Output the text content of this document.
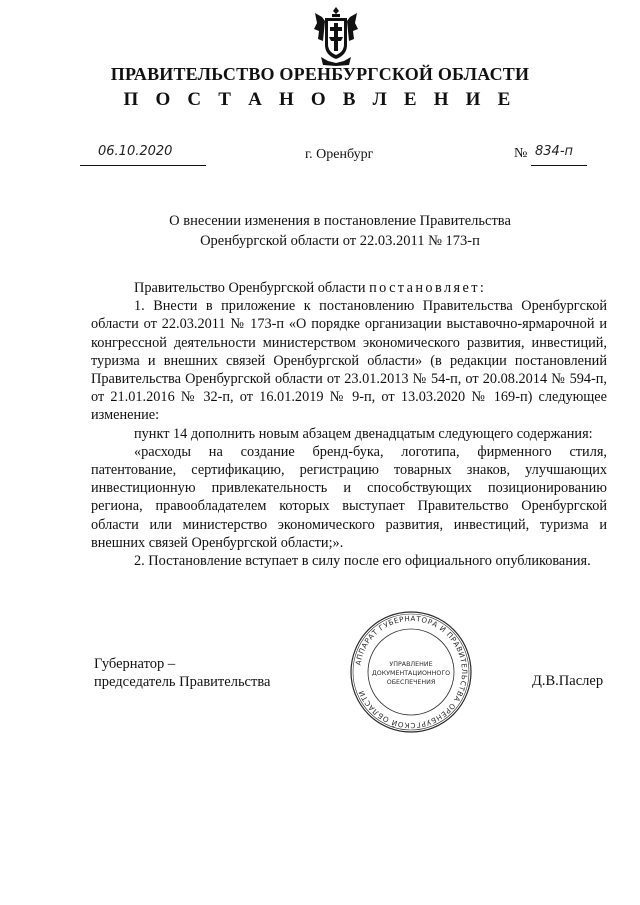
ПРАВИТЕЛЬСТВО ОРЕНБУРГСКОЙ ОБЛАСТИ
П О С Т А Н О В Л Е Н И Е
06.10.2020	г. Оренбург	№ 834-п
О внесении изменения в постановление Правительства
Оренбургской области от 22.03.2011 № 173-п

Правительство Оренбургской области постановляет:

1. Внести в приложение к постановлению Правительства Оренбургской области от 22.03.2011 № 173-п «О порядке организации выставочно-ярмарочной и конгрессной деятельности министерством экономического развития, инвестиций, туризма и внешних связей Оренбургской области» (в редакции постановлений Правительства Оренбургской области от 23.01.2013 № 54-п, от 20.08.2014 № 594-п, от 21.01.2016 № 32-п, от 16.01.2019 № 9-п, от 13.03.2020 № 169-п) следующее изменение:

пункт 14 дополнить новым абзацем двенадцатым следующего содержания:

«расходы на создание бренд-бука, логотипа, фирменного стиля, патентование, сертификацию, регистрацию товарных знаков, улучшающих инвестиционную привлекательность и способствующих позиционированию региона, правообладателем которых выступает Правительство Оренбургской области или министерство экономического развития, инвестиций, туризма и внешних связей Оренбургской области;».

2. Постановление вступает в силу после его официального опубликования.

Губернатор –
председатель Правительства	Д.В.Паслер
АППАРАТ ГУБЕРНАТОРА И ПРАВИТЕЛЬСТВА ОРЕНБУРГСКОЙ ОБЛАСТИ
УПРАВЛЕНИЕ
ДОКУМЕНТАЦИОННОГО
ОБЕСПЕЧЕНИЯ
